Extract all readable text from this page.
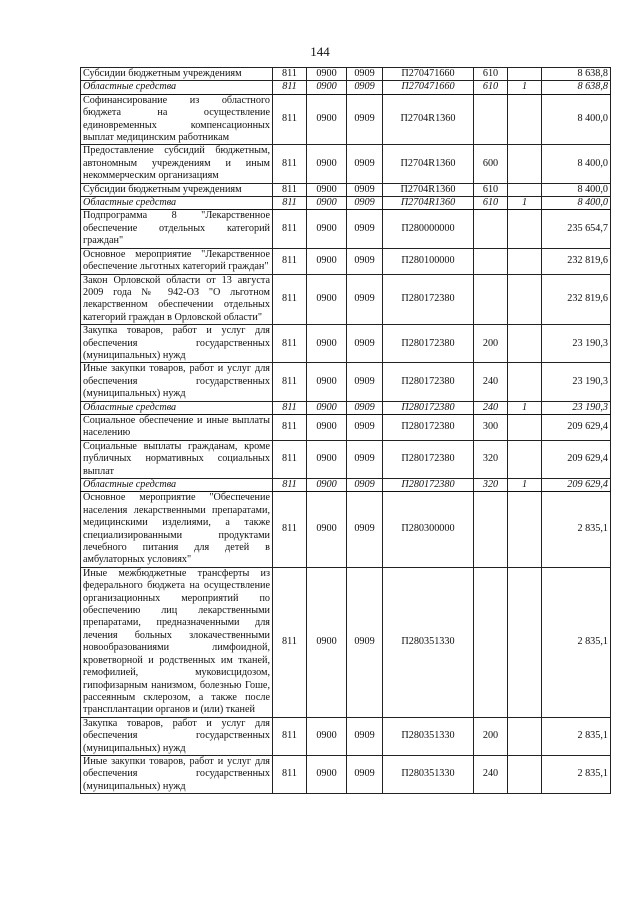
144
Субсидии бюджетным учреждениям	811	0900	0909	П270471660	610		8 638,8
Областные средства	811	0900	0909	П270471660	610	1	8 638,8
Софинансирование из областного бюджета на осуществление единовременных компенсационных выплат медицинским работникам	811	0900	0909	П2704R1360			8 400,0
Предоставление субсидий бюджетным, автономным учреждениям и иным некоммерческим организациям	811	0900	0909	П2704R1360	600		8 400,0
Субсидии бюджетным учреждениям	811	0900	0909	П2704R1360	610		8 400,0
Областные средства	811	0900	0909	П2704R1360	610	1	8 400,0
Подпрограмма 8 "Лекарственное обеспечение отдельных категорий граждан"	811	0900	0909	П280000000			235 654,7
Основное мероприятие "Лекарственное обеспечение льготных категорий граждан"	811	0900	0909	П280100000			232 819,6
Закон Орловской области от 13 августа 2009 года № 942-ОЗ "О льготном лекарственном обеспечении отдельных категорий граждан в Орловской области"	811	0900	0909	П280172380			232 819,6
Закупка товаров, работ и услуг для обеспечения государственных (муниципальных) нужд	811	0900	0909	П280172380	200		23 190,3
Иные закупки товаров, работ и услуг для обеспечения государственных (муниципальных) нужд	811	0900	0909	П280172380	240		23 190,3
Областные средства	811	0900	0909	П280172380	240	1	23 190,3
Социальное обеспечение и иные выплаты населению	811	0900	0909	П280172380	300		209 629,4
Социальные выплаты гражданам, кроме публичных нормативных социальных выплат	811	0900	0909	П280172380	320		209 629,4
Областные средства	811	0900	0909	П280172380	320	1	209 629,4
Основное мероприятие "Обеспечение населения лекарственными препаратами, медицинскими изделиями, а также специализированными продуктами лечебного питания для детей в амбулаторных условиях"	811	0900	0909	П280300000			2 835,1
Иные межбюджетные трансферты из федерального бюджета на осуществление организационных мероприятий по обеспечению лиц лекарственными препаратами, предназначенными для лечения больных злокачественными новообразованиями лимфоидной, кроветворной и родственных им тканей, гемофилией, муковисцидозом, гипофизарным нанизмом, болезнью Гоше, рассеянным склерозом, а также после трансплантации органов и (или) тканей	811	0900	0909	П280351330			2 835,1
Закупка товаров, работ и услуг для обеспечения государственных (муниципальных) нужд	811	0900	0909	П280351330	200		2 835,1
Иные закупки товаров, работ и услуг для обеспечения государственных (муниципальных) нужд	811	0900	0909	П280351330	240		2 835,1
